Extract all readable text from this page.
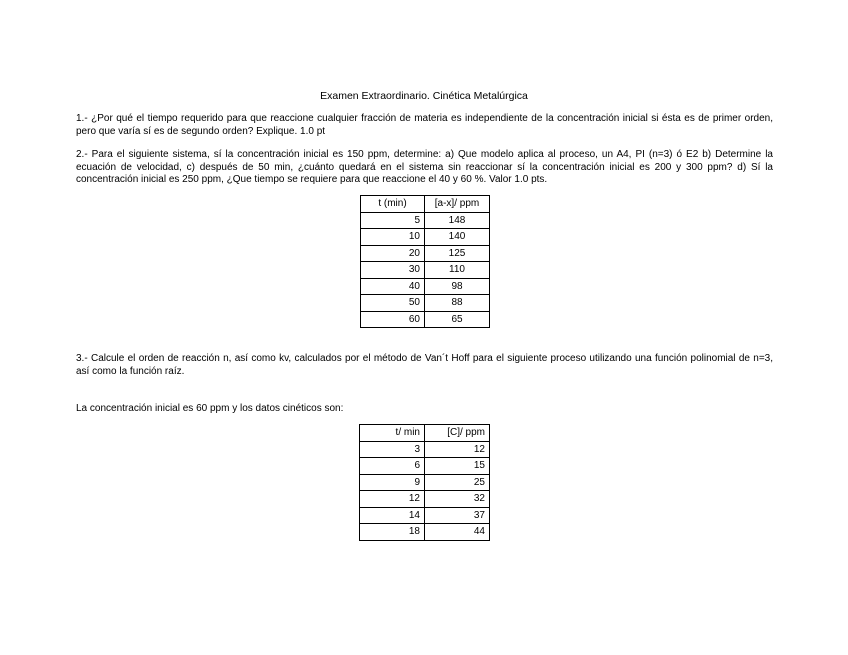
Examen Extraordinario. Cinética Metalúrgica
1.- ¿Por qué el tiempo requerido para que reaccione cualquier fracción de materia es independiente de la concentración inicial si ésta es de primer orden, pero que varía sí es de segundo orden? Explique. 1.0 pt
2.- Para el siguiente sistema, sí la concentración inicial es 150 ppm, determine: a) Que modelo aplica al proceso, un A4, PI (n=3) ó E2 b) Determine la ecuación de velocidad, c) después de 50 min, ¿cuánto quedará en el sistema sin reaccionar sí la concentración inicial es 200 y 300 ppm? d) Sí la concentración inicial es 250 ppm, ¿Que tiempo se requiere para que reaccione el 40 y 60 %. Valor 1.0 pts.
t (min)	[a-x]/ ppm
5	148
10	140
20	125
30	110
40	98
50	88
60	65
3.- Calcule el orden de reacción n, así como kv, calculados por el método de Van´t Hoff para el siguiente proceso utilizando una función polinomial de n=3, así como la función raíz.
La concentración inicial es 60 ppm y los datos cinéticos son:
t/ min	[C]/ ppm
3	12
6	15
9	25
12	32
14	37
18	44
